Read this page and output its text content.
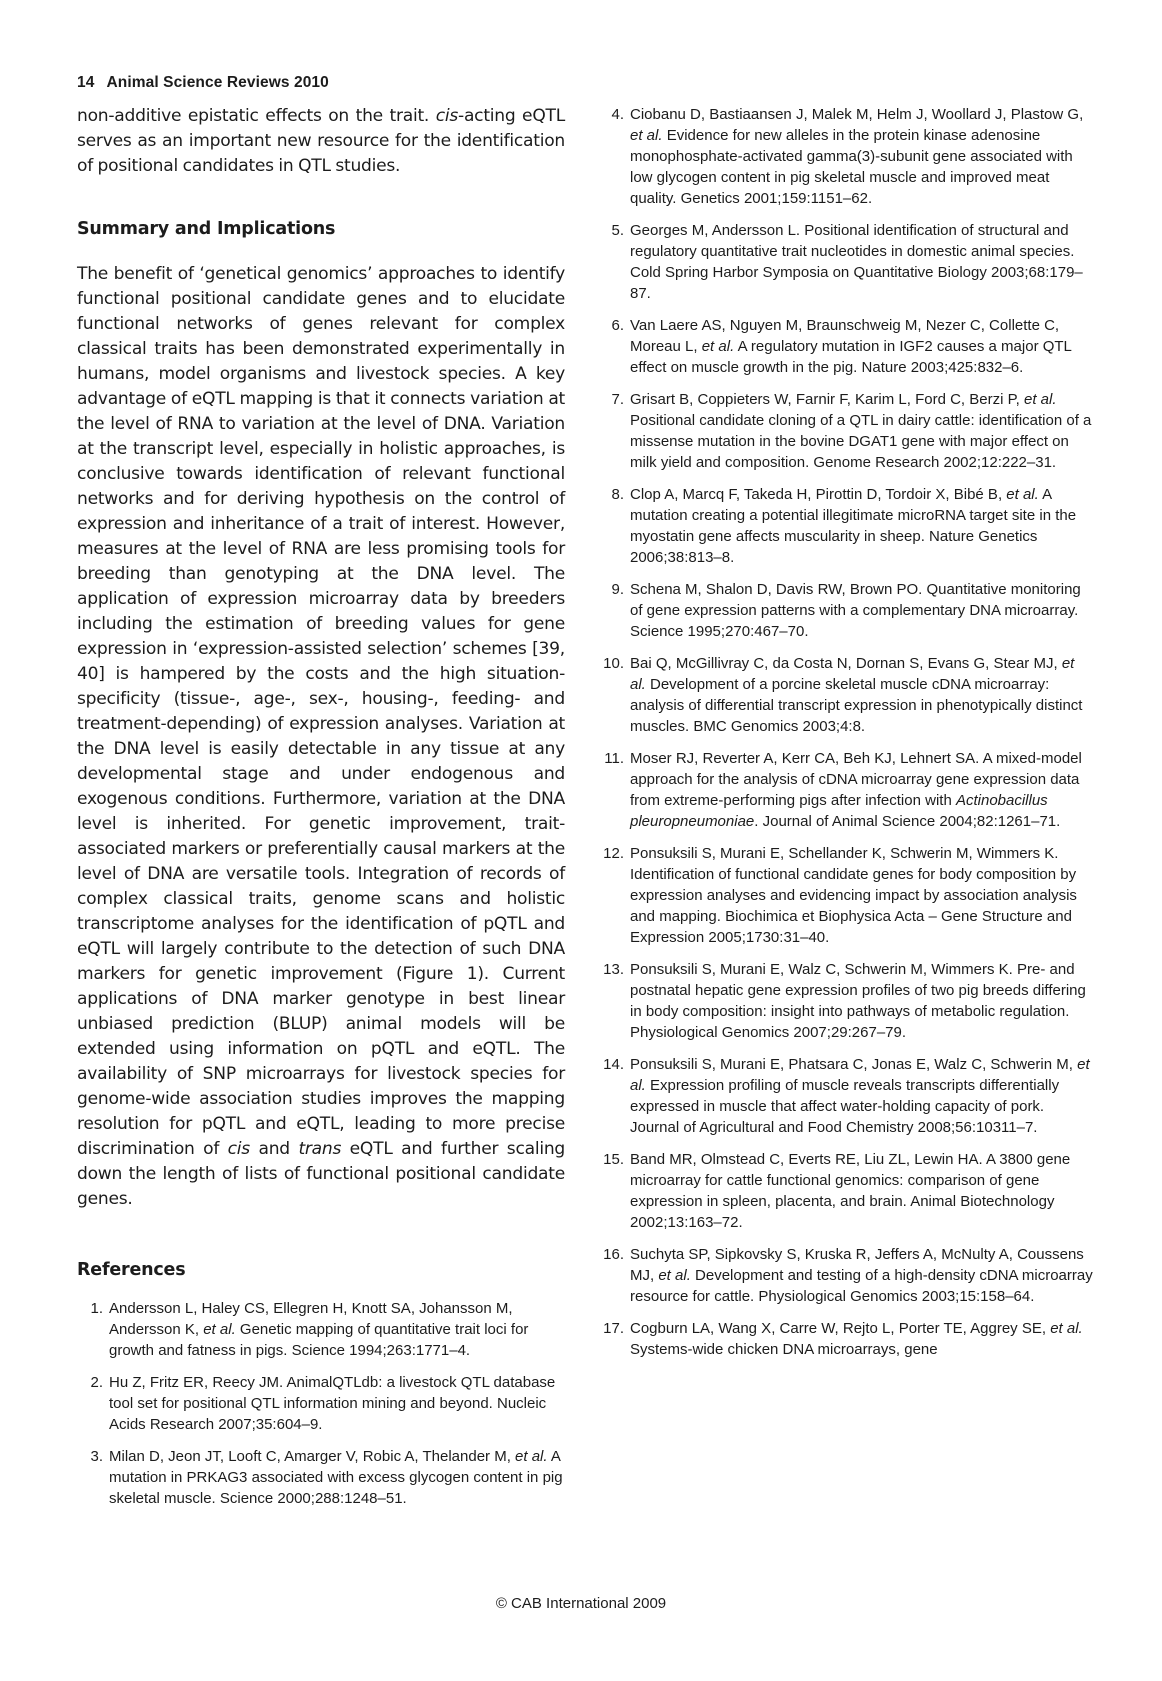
14 Animal Science Reviews 2010

non-additive epistatic effects on the trait. cis-acting eQTL serves as an important new resource for the identification of positional candidates in QTL studies.

Summary and Implications

The benefit of ‘genetical genomics’ approaches to identify functional positional candidate genes and to elucidate functional networks of genes relevant for complex classical traits has been demonstrated experimentally in humans, model organisms and livestock species. A key advantage of eQTL mapping is that it connects variation at the level of RNA to variation at the level of DNA. Variation at the transcript level, especially in holistic approaches, is conclusive towards identification of relevant functional networks and for deriving hypothesis on the control of expression and inheritance of a trait of interest. However, measures at the level of RNA are less promising tools for breeding than genotyping at the DNA level. The application of expression microarray data by breeders including the estimation of breeding values for gene expression in ‘expression-assisted selection’ schemes [39, 40] is hampered by the costs and the high situation-specificity (tissue-, age-, sex-, housing-, feeding- and treatment-depending) of expression analyses. Variation at the DNA level is easily detectable in any tissue at any developmental stage and under endogenous and exogenous conditions. Furthermore, variation at the DNA level is inherited. For genetic improvement, trait-associated markers or preferentially causal markers at the level of DNA are versatile tools. Integration of records of complex classical traits, genome scans and holistic transcriptome analyses for the identification of pQTL and eQTL will largely contribute to the detection of such DNA markers for genetic improvement (Figure 1). Current applications of DNA marker genotype in best linear unbiased prediction (BLUP) animal models will be extended using information on pQTL and eQTL. The availability of SNP microarrays for livestock species for genome-wide association studies improves the mapping resolution for pQTL and eQTL, leading to more precise discrimination of cis and trans eQTL and further scaling down the length of lists of functional positional candidate genes.

References
1. Andersson L, Haley CS, Ellegren H, Knott SA, Johansson M, Andersson K, et al. Genetic mapping of quantitative trait loci for growth and fatness in pigs. Science 1994;263:1771–4.
2. Hu Z, Fritz ER, Reecy JM. AnimalQTLdb: a livestock QTL database tool set for positional QTL information mining and beyond. Nucleic Acids Research 2007;35:604–9.
3. Milan D, Jeon JT, Looft C, Amarger V, Robic A, Thelander M, et al. A mutation in PRKAG3 associated with excess glycogen content in pig skeletal muscle. Science 2000;288:1248–51.
4. Ciobanu D, Bastiaansen J, Malek M, Helm J, Woollard J, Plastow G, et al. Evidence for new alleles in the protein kinase adenosine monophosphate-activated gamma(3)-subunit gene associated with low glycogen content in pig skeletal muscle and improved meat quality. Genetics 2001;159:1151–62.
5. Georges M, Andersson L. Positional identification of structural and regulatory quantitative trait nucleotides in domestic animal species. Cold Spring Harbor Symposia on Quantitative Biology 2003;68:179–87.
6. Van Laere AS, Nguyen M, Braunschweig M, Nezer C, Collette C, Moreau L, et al. A regulatory mutation in IGF2 causes a major QTL effect on muscle growth in the pig. Nature 2003;425:832–6.
7. Grisart B, Coppieters W, Farnir F, Karim L, Ford C, Berzi P, et al. Positional candidate cloning of a QTL in dairy cattle: identification of a missense mutation in the bovine DGAT1 gene with major effect on milk yield and composition. Genome Research 2002;12:222–31.
8. Clop A, Marcq F, Takeda H, Pirottin D, Tordoir X, Bibé B, et al. A mutation creating a potential illegitimate microRNA target site in the myostatin gene affects muscularity in sheep. Nature Genetics 2006;38:813–8.
9. Schena M, Shalon D, Davis RW, Brown PO. Quantitative monitoring of gene expression patterns with a complementary DNA microarray. Science 1995;270:467–70.
10. Bai Q, McGillivray C, da Costa N, Dornan S, Evans G, Stear MJ, et al. Development of a porcine skeletal muscle cDNA microarray: analysis of differential transcript expression in phenotypically distinct muscles. BMC Genomics 2003;4:8.
11. Moser RJ, Reverter A, Kerr CA, Beh KJ, Lehnert SA. A mixed-model approach for the analysis of cDNA microarray gene expression data from extreme-performing pigs after infection with Actinobacillus pleuropneumoniae. Journal of Animal Science 2004;82:1261–71.
12. Ponsuksili S, Murani E, Schellander K, Schwerin M, Wimmers K. Identification of functional candidate genes for body composition by expression analyses and evidencing impact by association analysis and mapping. Biochimica et Biophysica Acta – Gene Structure and Expression 2005;1730:31–40.
13. Ponsuksili S, Murani E, Walz C, Schwerin M, Wimmers K. Pre- and postnatal hepatic gene expression profiles of two pig breeds differing in body composition: insight into pathways of metabolic regulation. Physiological Genomics 2007;29:267–79.
14. Ponsuksili S, Murani E, Phatsara C, Jonas E, Walz C, Schwerin M, et al. Expression profiling of muscle reveals transcripts differentially expressed in muscle that affect water-holding capacity of pork. Journal of Agricultural and Food Chemistry 2008;56:10311–7.
15. Band MR, Olmstead C, Everts RE, Liu ZL, Lewin HA. A 3800 gene microarray for cattle functional genomics: comparison of gene expression in spleen, placenta, and brain. Animal Biotechnology 2002;13:163–72.
16. Suchyta SP, Sipkovsky S, Kruska R, Jeffers A, McNulty A, Coussens MJ, et al. Development and testing of a high-density cDNA microarray resource for cattle. Physiological Genomics 2003;15:158–64.
17. Cogburn LA, Wang X, Carre W, Rejto L, Porter TE, Aggrey SE, et al. Systems-wide chicken DNA microarrays, gene

© CAB International 2009
